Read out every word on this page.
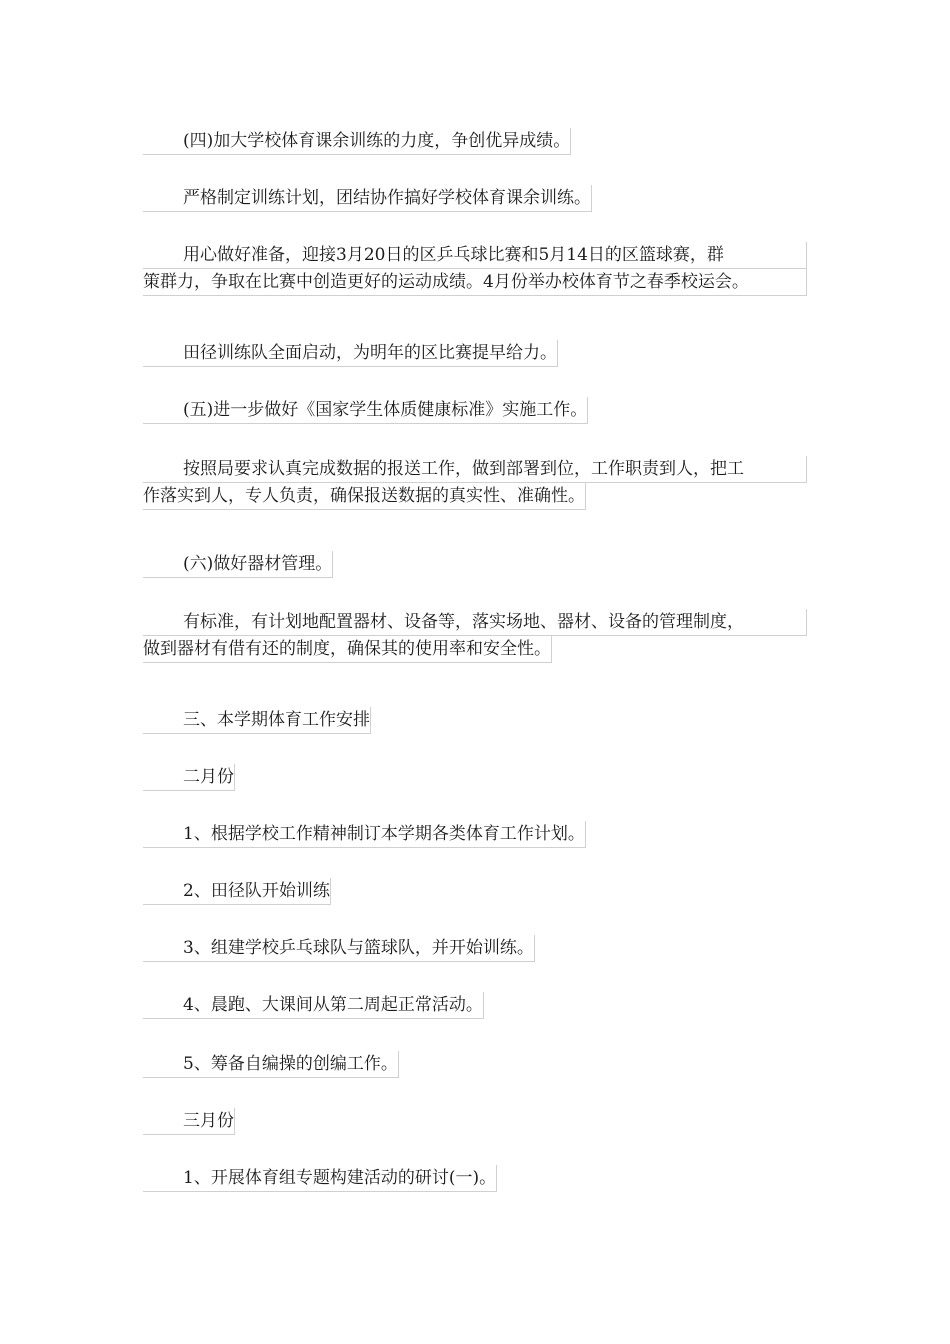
(四)加大学校体育课余训练的力度，争创优异成绩。
严格制定训练计划，团结协作搞好学校体育课余训练。
用心做好准备，迎接3月20日的区乒乓球比赛和5月14日的区篮球赛，群
策群力，争取在比赛中创造更好的运动成绩。4月份举办校体育节之春季校运会。
田径训练队全面启动，为明年的区比赛提早给力。
(五)进一步做好《国家学生体质健康标准》实施工作。
按照局要求认真完成数据的报送工作，做到部署到位，工作职责到人，把工
作落实到人，专人负责，确保报送数据的真实性、准确性。
(六)做好器材管理。
有标准，有计划地配置器材、设备等，落实场地、器材、设备的管理制度，
做到器材有借有还的制度，确保其的使用率和安全性。
三、本学期体育工作安排
二月份
1、根据学校工作精神制订本学期各类体育工作计划。
2、田径队开始训练
3、组建学校乒乓球队与篮球队，并开始训练。
4、晨跑、大课间从第二周起正常活动。
5、筹备自编操的创编工作。
三月份
1、开展体育组专题构建活动的研讨(一)。
